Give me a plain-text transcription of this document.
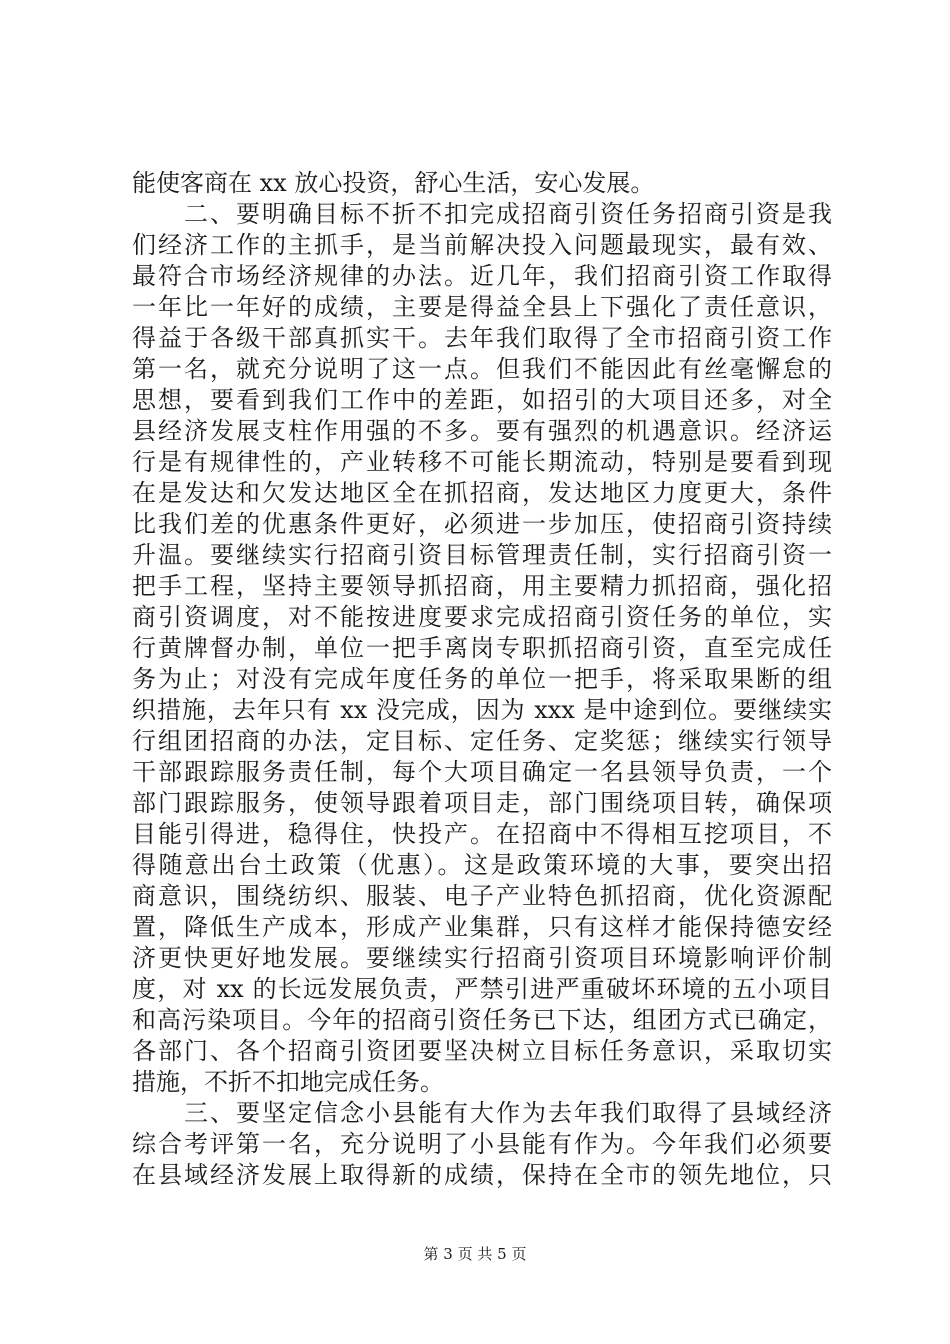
能使客商在 xx 放心投资，舒心生活，安心发展。
　　二、要明确目标不折不扣完成招商引资任务招商引资是我
们经济工作的主抓手，是当前解决投入问题最现实，最有效、
最符合市场经济规律的办法。近几年，我们招商引资工作取得
一年比一年好的成绩，主要是得益全县上下强化了责任意识，
得益于各级干部真抓实干。去年我们取得了全市招商引资工作
第一名，就充分说明了这一点。但我们不能因此有丝毫懈怠的
思想，要看到我们工作中的差距，如招引的大项目还多，对全
县经济发展支柱作用强的不多。要有强烈的机遇意识。经济运
行是有规律性的，产业转移不可能长期流动，特别是要看到现
在是发达和欠发达地区全在抓招商，发达地区力度更大，条件
比我们差的优惠条件更好，必须进一步加压，使招商引资持续
升温。要继续实行招商引资目标管理责任制，实行招商引资一
把手工程，坚持主要领导抓招商，用主要精力抓招商，强化招
商引资调度，对不能按进度要求完成招商引资任务的单位，实
行黄牌督办制，单位一把手离岗专职抓招商引资，直至完成任
务为止；对没有完成年度任务的单位一把手，将采取果断的组
织措施，去年只有 xx 没完成，因为 xxx 是中途到位。要继续实
行组团招商的办法，定目标、定任务、定奖惩；继续实行领导
干部跟踪服务责任制，每个大项目确定一名县领导负责，一个
部门跟踪服务，使领导跟着项目走，部门围绕项目转，确保项
目能引得进，稳得住，快投产。在招商中不得相互挖项目，不
得随意出台土政策（优惠）。这是政策环境的大事，要突出招
商意识，围绕纺织、服装、电子产业特色抓招商，优化资源配
置，降低生产成本，形成产业集群，只有这样才能保持德安经
济更快更好地发展。要继续实行招商引资项目环境影响评价制
度，对 xx 的长远发展负责，严禁引进严重破坏环境的五小项目
和高污染项目。今年的招商引资任务已下达，组团方式已确定，
各部门、各个招商引资团要坚决树立目标任务意识，采取切实
措施，不折不扣地完成任务。
　　三、要坚定信念小县能有大作为去年我们取得了县域经济
综合考评第一名，充分说明了小县能有作为。今年我们必须要
在县域经济发展上取得新的成绩，保持在全市的领先地位，只
第 3 页 共 5 页
